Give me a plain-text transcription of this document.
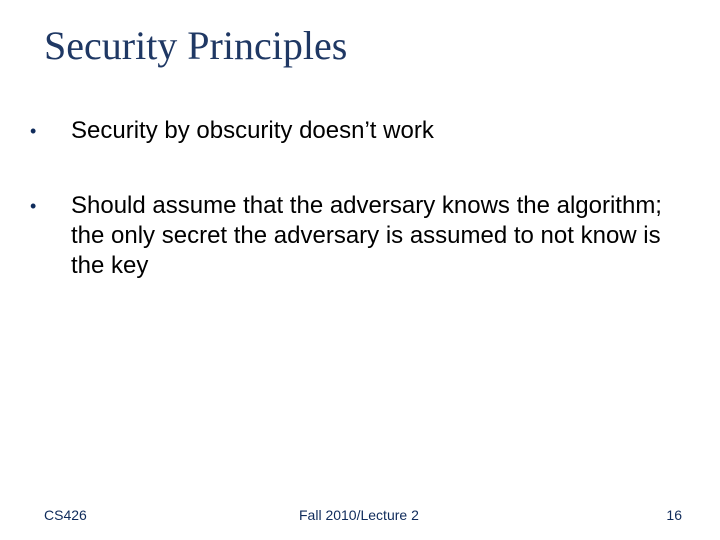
Security Principles
•	Security by obscurity doesn’t work
•	Should assume that the adversary knows the algorithm; the only secret the adversary is assumed to not know is the key
CS426	Fall 2010/Lecture 2	16
